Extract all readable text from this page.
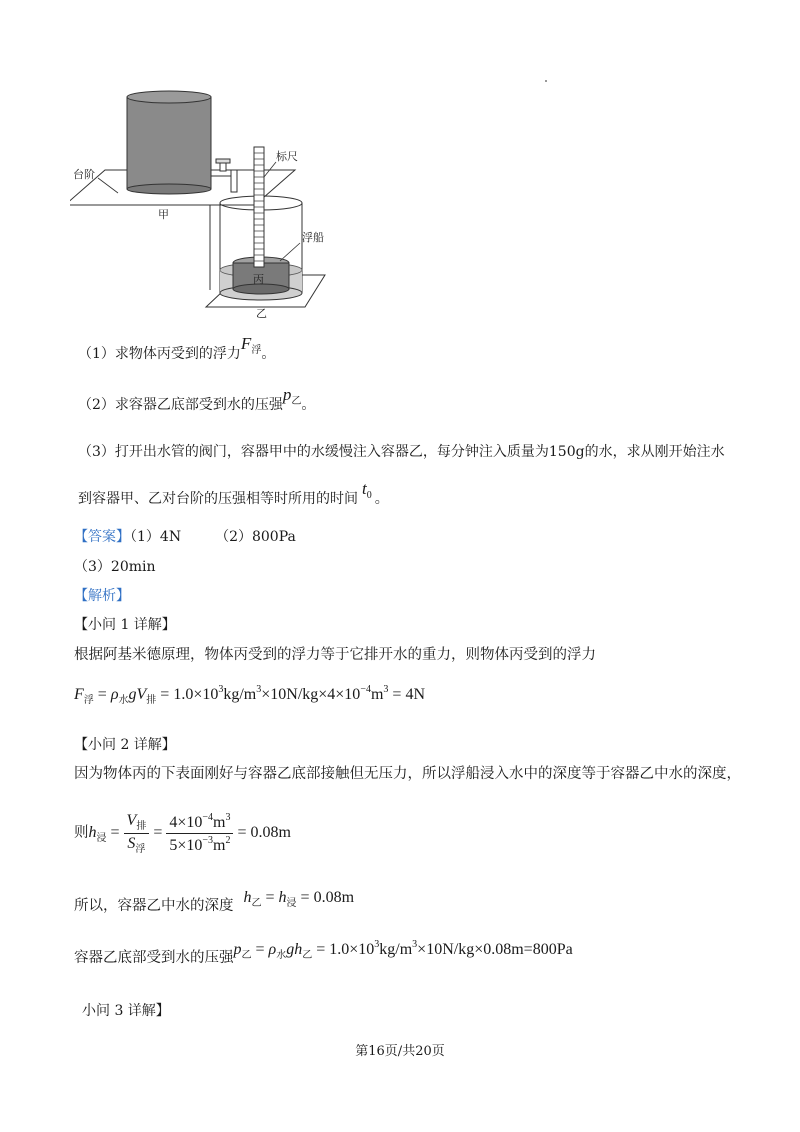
台阶
甲
标尺
浮船
丙
乙
（1）求物体丙受到的浮力$F_浮$。
（2）求容器乙底部受到水的压强$p_乙$。
（3）打开出水管的阀门，容器甲中的水缓慢注入容器乙，每分钟注入质量为150g的水，求从刚开始注水
到容器甲、乙对台阶的压强相等时所用的时间$t_0$ 。
【答案】（1）4N （2）800Pa
（3）20min
【解析】
【小问 1 详解】
根据阿基米德原理，物体丙受到的浮力等于它排开水的重力，则物体丙受到的浮力
$F_浮 = \rho_水gV_排 = 1.0\times 10^3kg/m^3\times 10N/kg\times 4\times 10^{-4}m^3 = 4N$
【小问 2 详解】
因为物体丙的下表面刚好与容器乙底部接触但无压力，所以浮船浸入水中的深度等于容器乙中水的深度，
则$h_浸 = \frac{V_排}{S_浮} = \frac{4\times 10^{-4}m^3}{5\times 10^{-3}m^2} = 0.08m$
所以，容器乙中水的深度 $h_乙 = h_浸 = 0.08m$
容器乙底部受到水的压强$p_乙 = \rho_水gh_乙 = 1.0\times 10^3kg/m^3\times 10N/kg\times 0.08m=800Pa$
小问 3 详解】
第16页/共20页
